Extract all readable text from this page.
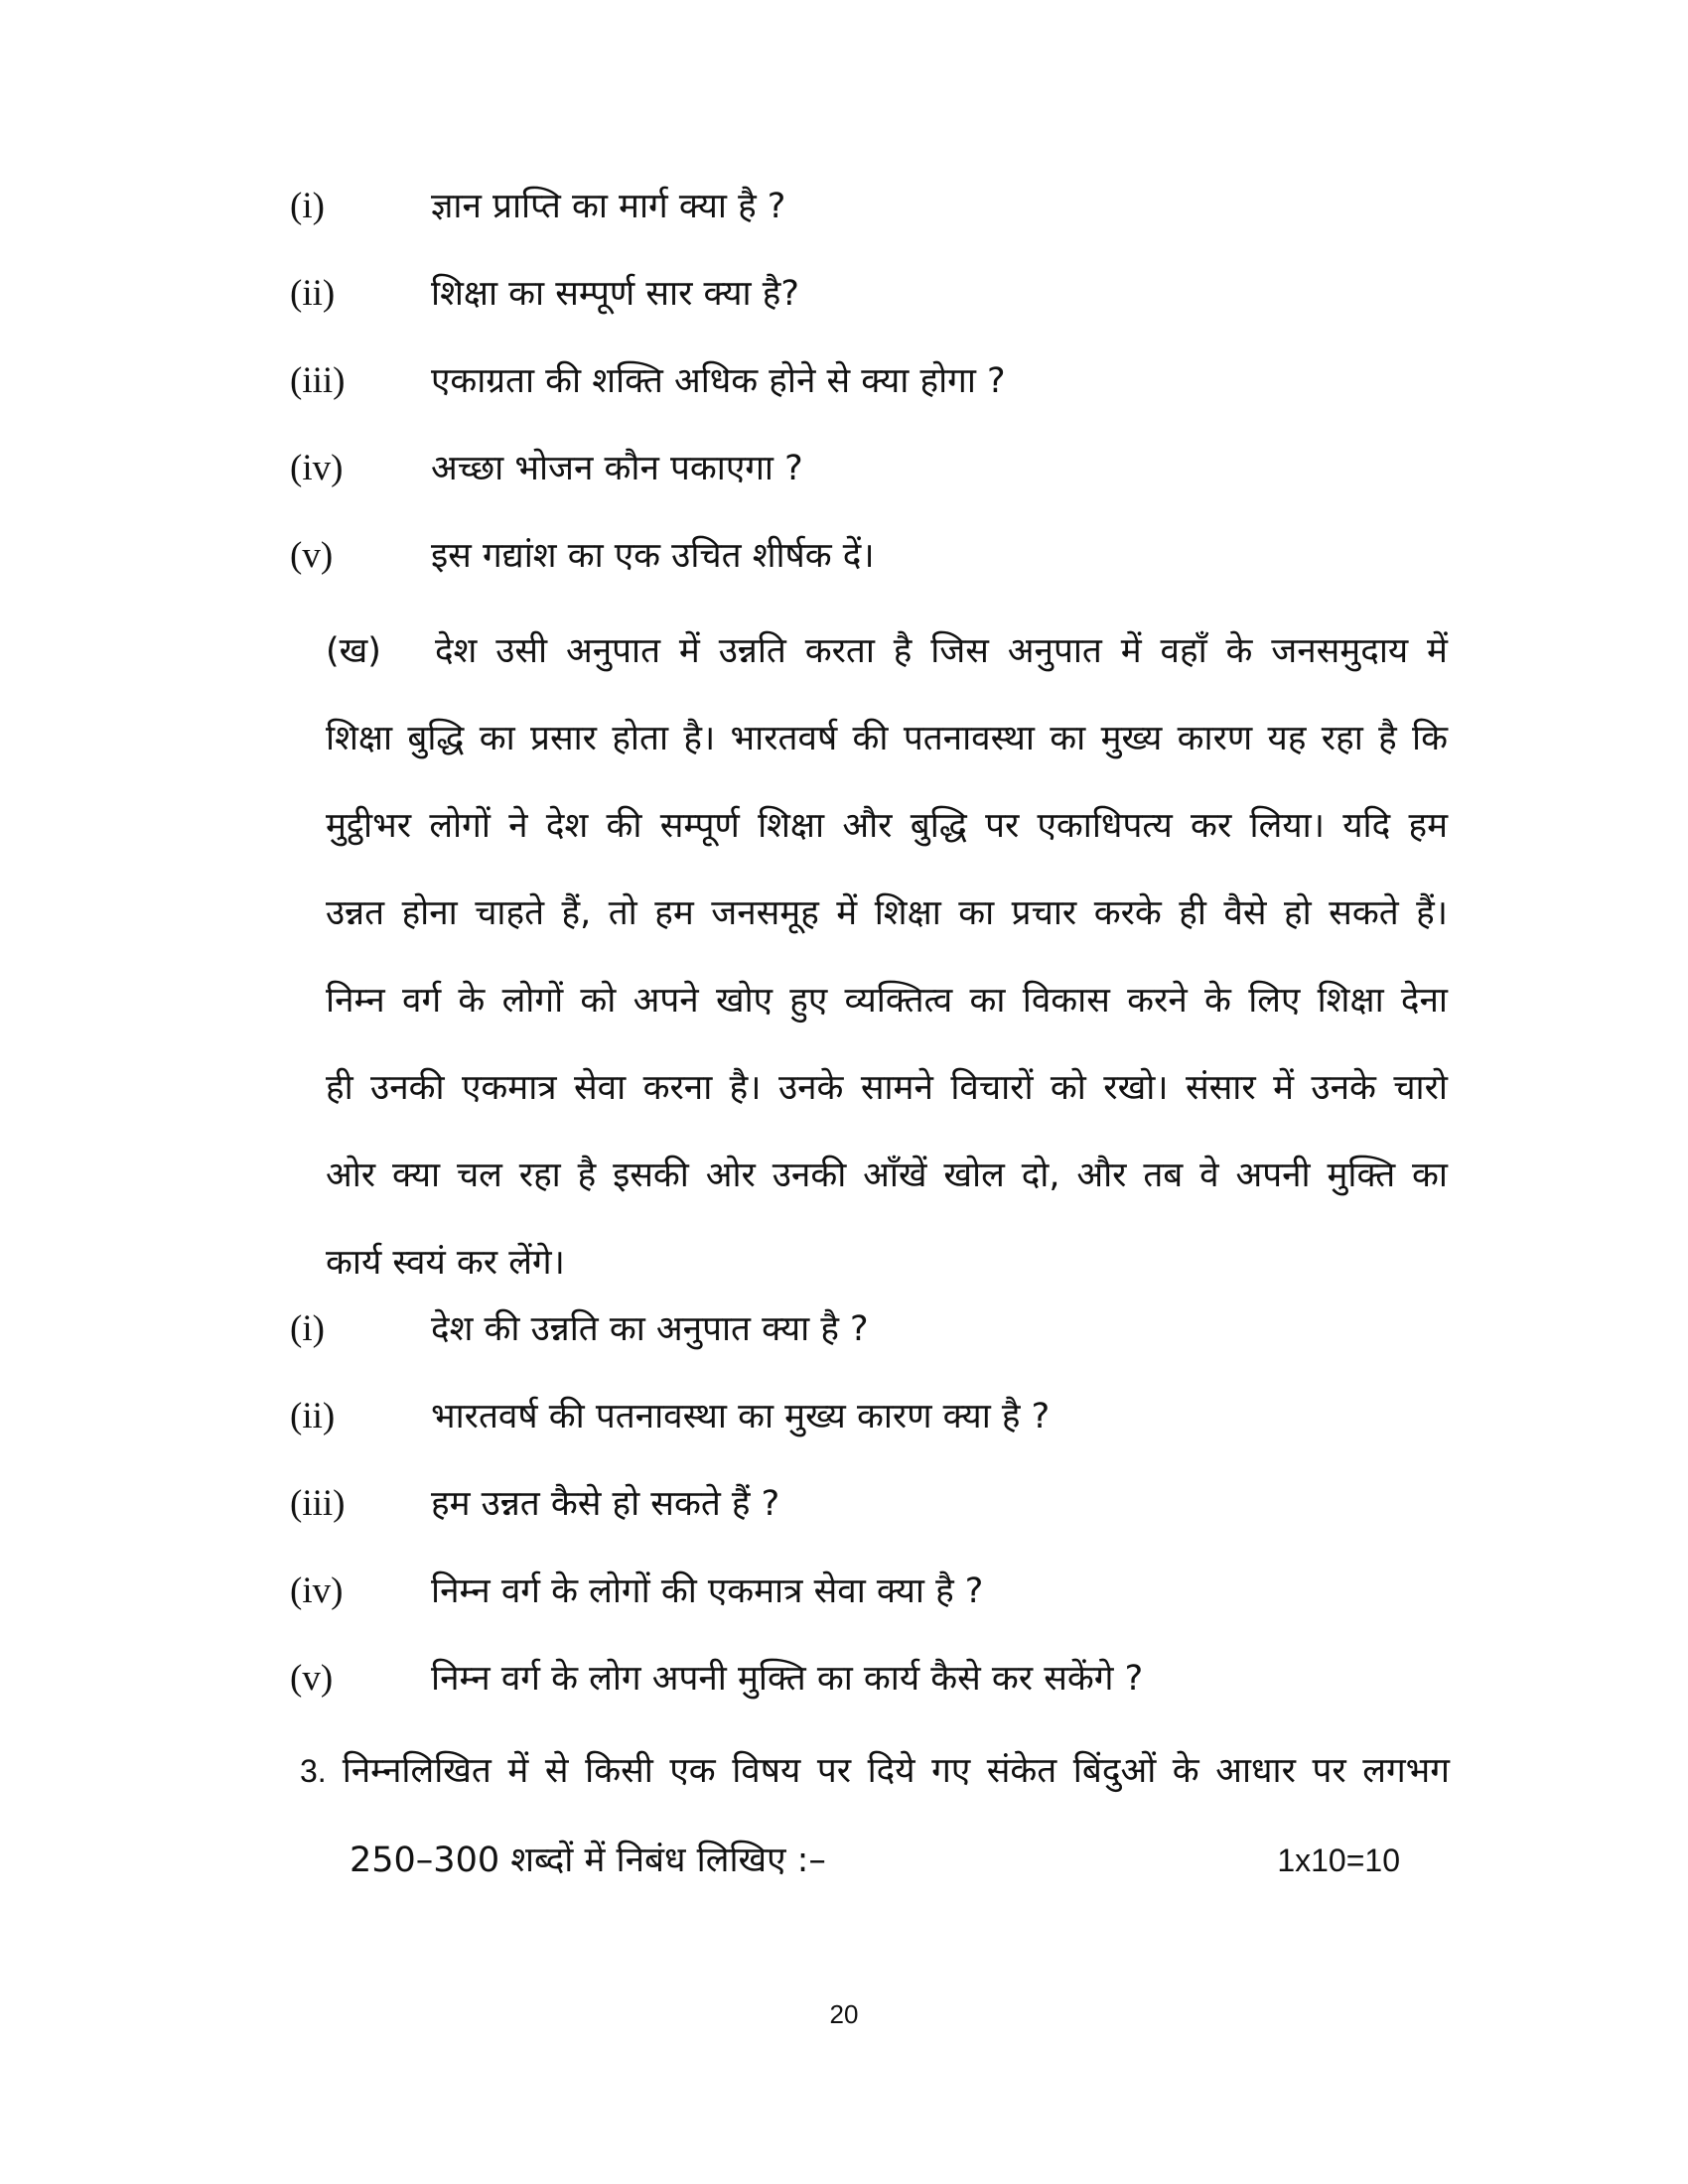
(i)	ज्ञान प्राप्ति का मार्ग क्या है ?
(ii)	शिक्षा का सम्पूर्ण सार क्या है?
(iii) एकाग्रता की शक्ति अधिक होने से क्या होगा ?
(iv)	अच्छा भोजन कौन पकाएगा ?
(v)	इस गद्यांश का एक उचित शीर्षक दें।
(ख) देश उसी अनुपात में उन्नति करता है जिस अनुपात में वहाँ के जनसमुदाय में
शिक्षा बुद्धि का प्रसार होता है। भारतवर्ष की पतनावस्था का मुख्य कारण यह रहा है कि
मुट्ठीभर लोगों ने देश की सम्पूर्ण शिक्षा और बुद्धि पर एकाधिपत्य कर लिया। यदि हम
उन्नत होना चाहते हैं, तो हम जनसमूह में शिक्षा का प्रचार करके ही वैसे हो सकते हैं।
निम्न वर्ग के लोगों को अपने खोए हुए व्यक्तित्व का विकास करने के लिए शिक्षा देना
ही उनकी एकमात्र सेवा करना है। उनके सामने विचारों को रखो। संसार में उनके चारो
ओर क्या चल रहा है इसकी ओर उनकी आँखें खोल दो, और तब वे अपनी मुक्ति का
कार्य स्वयं कर लेंगे।
(i)	देश की उन्नति का अनुपात क्या है ?
(ii)	भारतवर्ष की पतनावस्था का मुख्य कारण क्या है ?
(iii) हम उन्नत कैसे हो सकते हैं ?
(iv)	निम्न वर्ग के लोगों की एकमात्र सेवा क्या है ?
(v)	निम्न वर्ग के लोग अपनी मुक्ति का कार्य कैसे कर सकेंगे ?
3. निम्नलिखित में से किसी एक विषय पर दिये गए संकेत बिंदुओं के आधार पर लगभग
250–300 शब्दों में निबंध लिखिए :–	1x10=10
20
